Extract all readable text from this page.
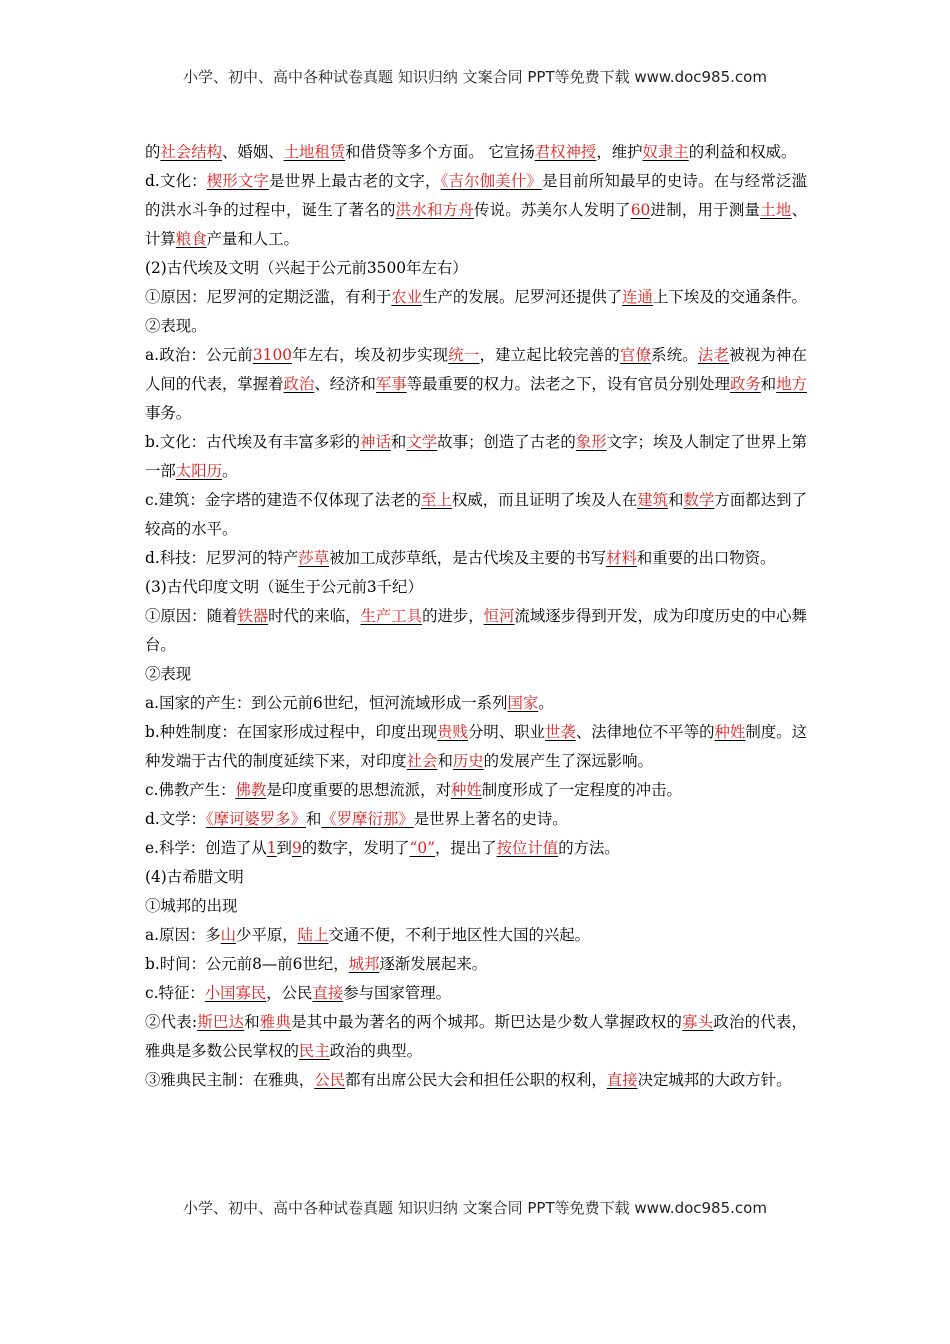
小学、初中、高中各种试卷真题 知识归纳 文案合同 PPT等免费下载 www.doc985.com

的社会结构、婚姻、土地租赁和借贷等多个方面。 它宣扬君权神授，维护奴隶主的利益和权威。

d.文化：楔形文字是世界上最古老的文字，《吉尔伽美什》是目前所知最早的史诗。在与经常泛滥的洪水斗争的过程中，诞生了著名的洪水和方舟传说。苏美尔人发明了60进制，用于测量土地、计算粮食产量和人工。

(2)古代埃及文明（兴起于公元前3500年左右）

①原因：尼罗河的定期泛滥，有利于农业生产的发展。尼罗河还提供了连通上下埃及的交通条件。

②表现。

a.政治：公元前3100年左右，埃及初步实现统一，建立起比较完善的官僚系统。法老被视为神在人间的代表，掌握着政治、经济和军事等最重要的权力。法老之下，设有官员分别处理政务和地方事务。

b.文化：古代埃及有丰富多彩的神话和文学故事；创造了古老的象形文字；埃及人制定了世界上第一部太阳历。

c.建筑：金字塔的建造不仅体现了法老的至上权威，而且证明了埃及人在建筑和数学方面都达到了较高的水平。

d.科技：尼罗河的特产莎草被加工成莎草纸，是古代埃及主要的书写材料和重要的出口物资。

(3)古代印度文明（诞生于公元前3千纪）

①原因：随着铁器时代的来临，生产工具的进步，恒河流域逐步得到开发，成为印度历史的中心舞台。

②表现

a.国家的产生：到公元前6世纪，恒河流域形成一系列国家。

b.种姓制度：在国家形成过程中，印度出现贵贱分明、职业世袭、法律地位不平等的种姓制度。这种发端于古代的制度延续下来，对印度社会和历史的发展产生了深远影响。

c.佛教产生：佛教是印度重要的思想流派，对种姓制度形成了一定程度的冲击。

d.文学：《摩诃婆罗多》和《罗摩衍那》是世界上著名的史诗。

e.科学：创造了从1到9的数字，发明了“0”，提出了按位计值的方法。

(4)古希腊文明

①城邦的出现

a.原因：多山少平原，陆上交通不便，不利于地区性大国的兴起。

b.时间：公元前8—前6世纪，城邦逐渐发展起来。

c.特征：小国寡民，公民直接参与国家管理。

②代表:斯巴达和雅典是其中最为著名的两个城邦。斯巴达是少数人掌握政权的寡头政治的代表，雅典是多数公民掌权的民主政治的典型。

③雅典民主制：在雅典，公民都有出席公民大会和担任公职的权利，直接决定城邦的大政方针。

小学、初中、高中各种试卷真题 知识归纳 文案合同 PPT等免费下载 www.doc985.com
